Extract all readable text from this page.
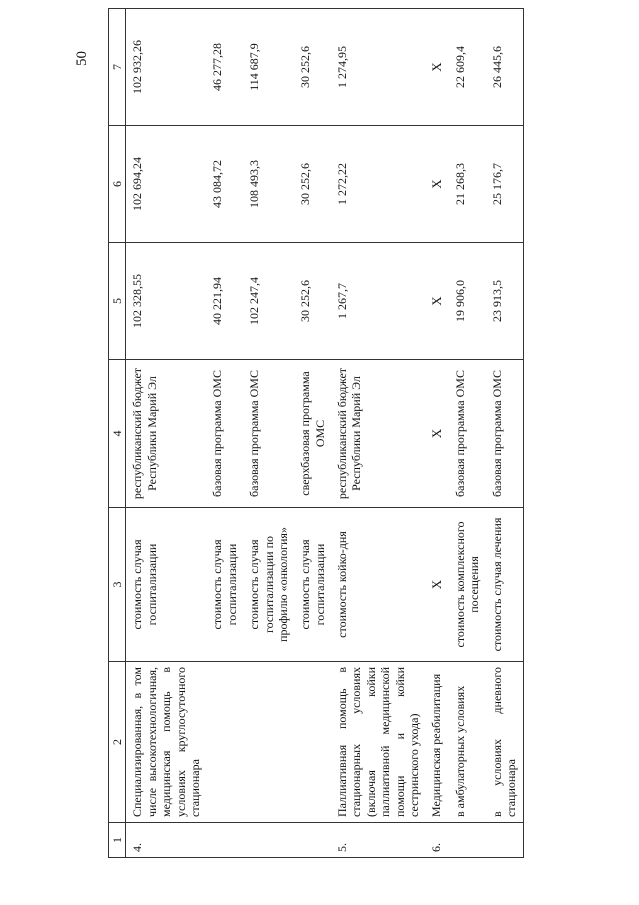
50
1	2	3	4	5	6	7
4.	Специализированная, в том числе высокотехнологичная, медицинская помощь в условиях круглосуточного стационара	стоимость случая госпитализации	республиканский бюджет Республики Марий Эл	102 328,55	102 694,24	102 932,26
		стоимость случая госпитализации	базовая программа ОМС	40 221,94	43 084,72	46 277,28
		стоимость случая госпитализации по профилю «онкология»	базовая программа ОМС	102 247,4	108 493,3	114 687,9
		стоимость случая госпитализации	сверхбазовая программа ОМС	30 252,6	30 252,6	30 252,6
5.	Паллиативная помощь в стационарных условиях (включая койки паллиативной медицинской помощи и койки сестринского ухода)	стоимость койко-дня	республиканский бюджет Республики Марий Эл	1 267,7	1 272,22	1 274,95
6.	Медицинская реабилитация	X	X	X	X	X
	в амбулаторных условиях	стоимость комплексного посещения	базовая программа ОМС	19 906,0	21 268,3	22 609,4
	в условиях дневного стационара	стоимость случая лечения	базовая программа ОМС	23 913,5	25 176,7	26 445,6
